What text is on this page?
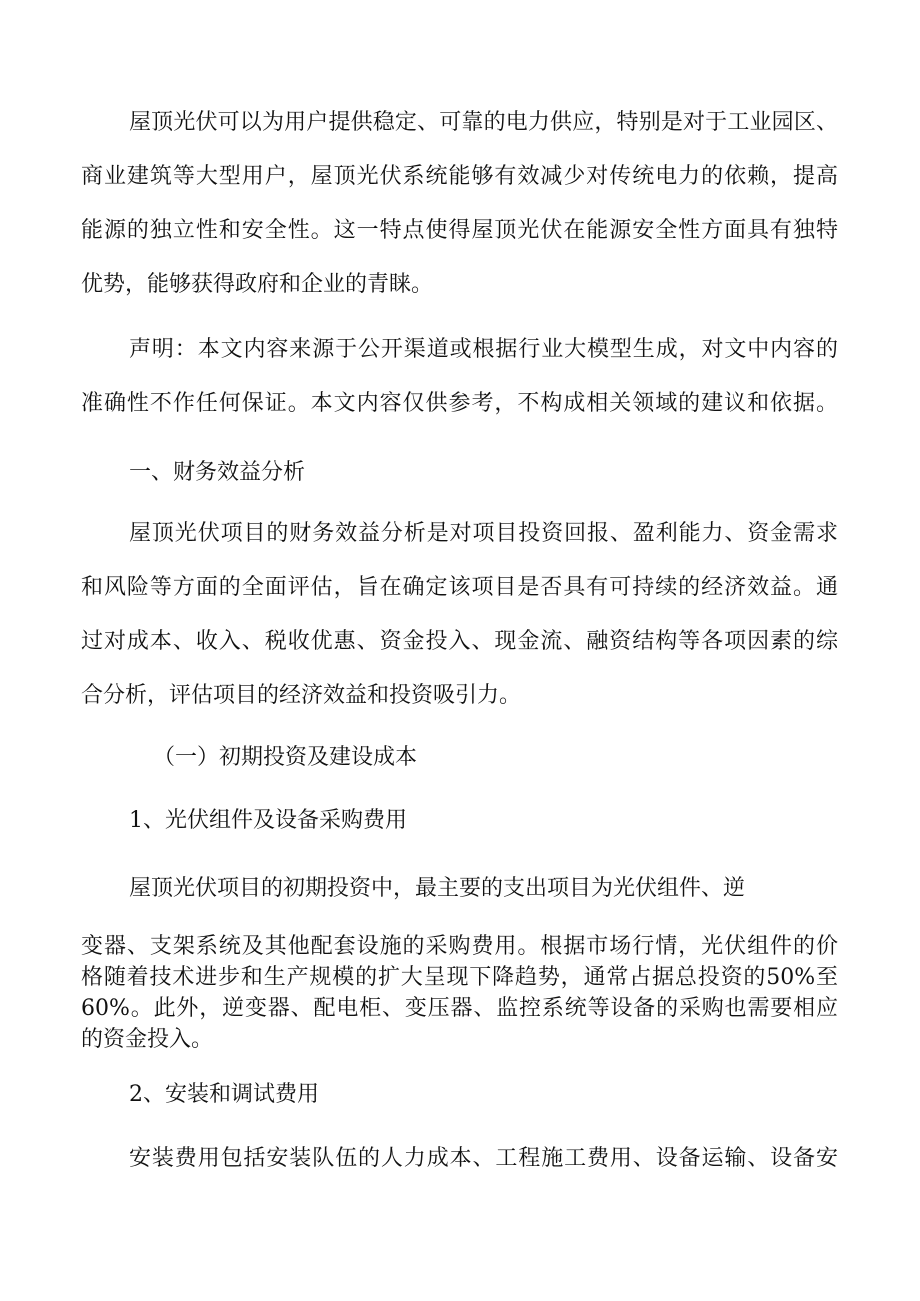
屋顶光伏可以为用户提供稳定、可靠的电力供应，特别是对于工业园区、
商业建筑等大型用户，屋顶光伏系统能够有效减少对传统电力的依赖，提高
能源的独立性和安全性。这一特点使得屋顶光伏在能源安全性方面具有独特
优势，能够获得政府和企业的青睐。
声明：本文内容来源于公开渠道或根据行业大模型生成，对文中内容的
准确性不作任何保证。本文内容仅供参考，不构成相关领域的建议和依据。
一、财务效益分析
屋顶光伏项目的财务效益分析是对项目投资回报、盈利能力、资金需求
和风险等方面的全面评估，旨在确定该项目是否具有可持续的经济效益。通
过对成本、收入、税收优惠、资金投入、现金流、融资结构等各项因素的综
合分析，评估项目的经济效益和投资吸引力。
（一）初期投资及建设成本
1、光伏组件及设备采购费用
屋顶光伏项目的初期投资中，最主要的支出项目为光伏组件、逆
变器、支架系统及其他配套设施的采购费用。根据市场行情，光伏组件的价
格随着技术进步和生产规模的扩大呈现下降趋势，通常占据总投资的50%至
60%。此外，逆变器、配电柜、变压器、监控系统等设备的采购也需要相应
的资金投入。
2、安装和调试费用
安装费用包括安装队伍的人力成本、工程施工费用、设备运输、设备安
